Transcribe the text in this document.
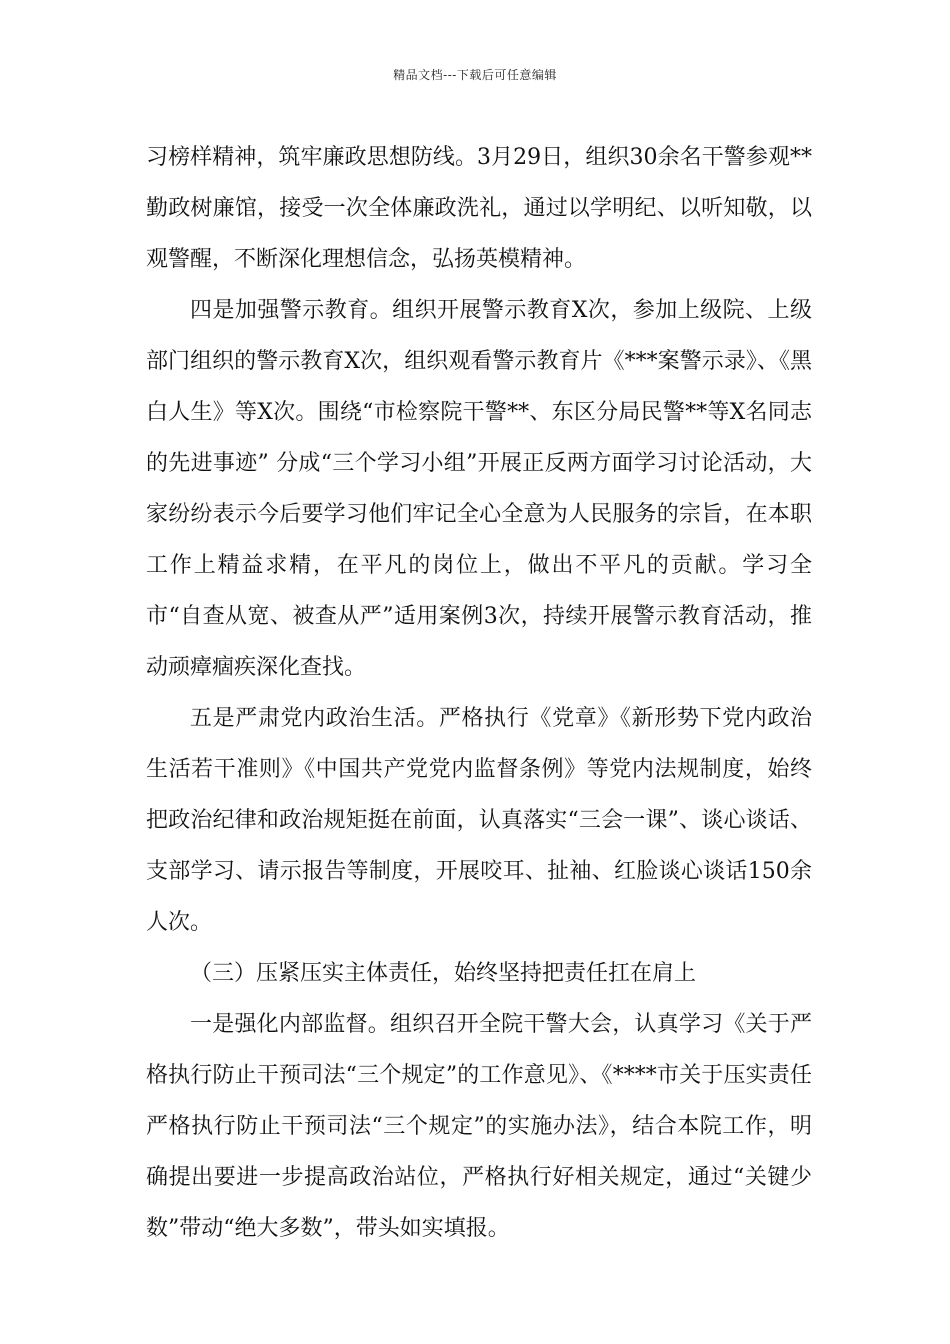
精品文档---下载后可任意编辑

习榜样精神，筑牢廉政思想防线。3月29日，组织30余名干警参观**勤政树廉馆，接受一次全体廉政洗礼，通过以学明纪、以听知敬，以观警醒，不断深化理想信念，弘扬英模精神。

四是加强警示教育。组织开展警示教育X次，参加上级院、上级部门组织的警示教育X次，组织观看警示教育片《***案警示录》、《黑白人生》等X次。围绕“市检察院干警**、东区分局民警**等X名同志的先进事迹” 分成“三个学习小组”开展正反两方面学习讨论活动，大家纷纷表示今后要学习他们牢记全心全意为人民服务的宗旨，在本职工作上精益求精，在平凡的岗位上，做出不平凡的贡献。学习全市“自查从宽、被查从严”适用案例3次，持续开展警示教育活动，推动顽瘴痼疾深化查找。

五是严肃党内政治生活。严格执行《党章》《新形势下党内政治生活若干准则》《中国共产党党内监督条例》等党内法规制度，始终把政治纪律和政治规矩挺在前面，认真落实“三会一课”、谈心谈话、支部学习、请示报告等制度，开展咬耳、扯袖、红脸谈心谈话150余人次。

（三）压紧压实主体责任，始终坚持把责任扛在肩上

一是强化内部监督。组织召开全院干警大会，认真学习《关于严格执行防止干预司法“三个规定”的工作意见》、《****市关于压实责任严格执行防止干预司法“三个规定”的实施办法》，结合本院工作，明确提出要进一步提高政治站位，严格执行好相关规定，通过“关键少数”带动“绝大多数”，带头如实填报。
